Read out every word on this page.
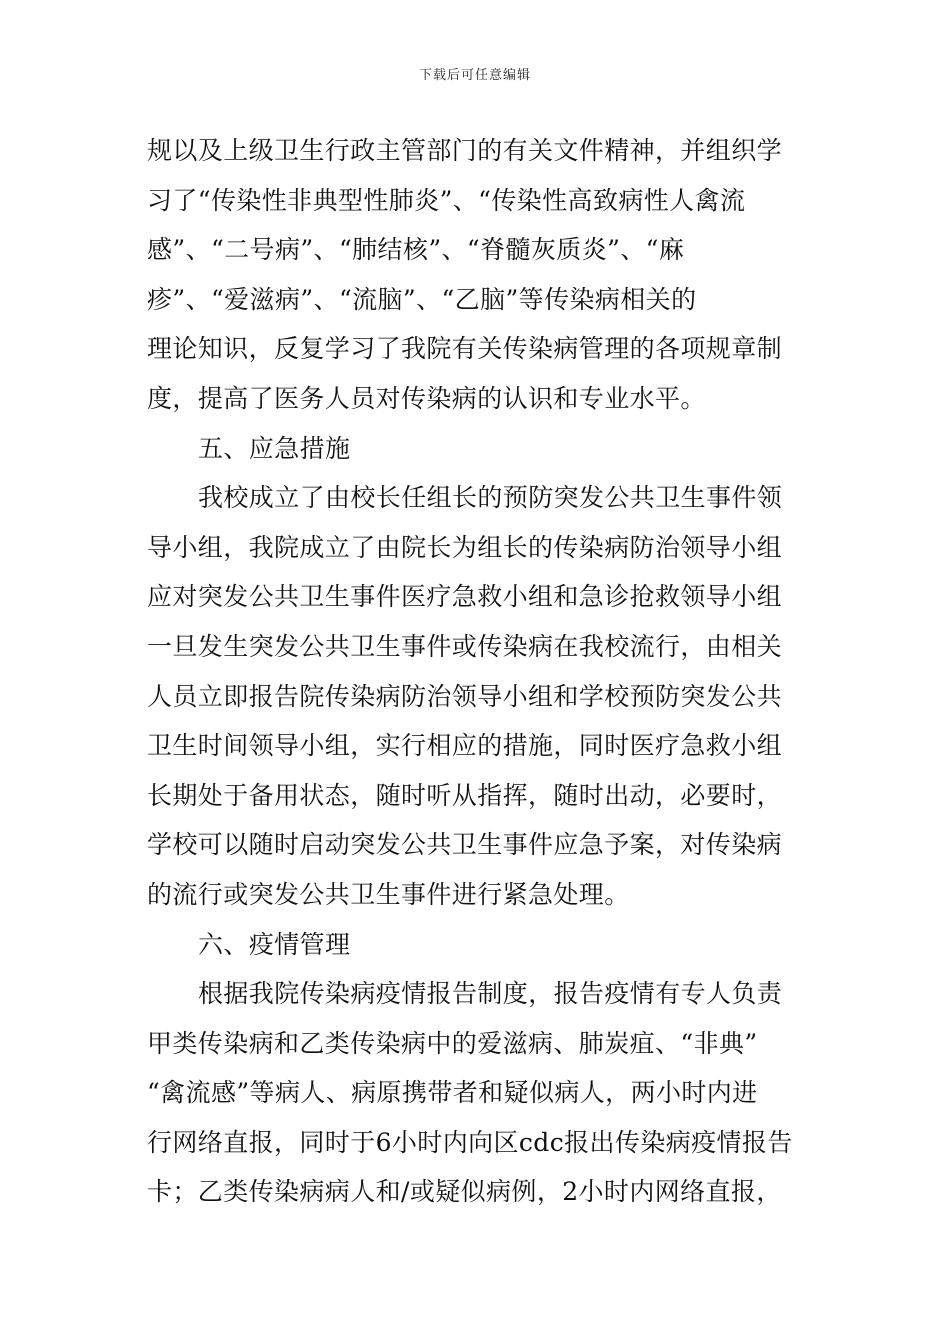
下载后可任意编辑
规以及上级卫生行政主管部门的有关文件精神，并组织学
习了“传染性非典型性肺炎”、“传染性高致病性人禽流
感”、“二号病”、“肺结核”、“脊髓灰质炎”、“麻
疹”、“爱滋病”、“流脑”、“乙脑”等传染病相关的
理论知识，反复学习了我院有关传染病管理的各项规章制
度，提高了医务人员对传染病的认识和专业水平。
五、应急措施
我校成立了由校长任组长的预防突发公共卫生事件领
导小组，我院成立了由院长为组长的传染病防治领导小组
应对突发公共卫生事件医疗急救小组和急诊抢救领导小组
一旦发生突发公共卫生事件或传染病在我校流行，由相关
人员立即报告院传染病防治领导小组和学校预防突发公共
卫生时间领导小组，实行相应的措施，同时医疗急救小组
长期处于备用状态，随时听从指挥，随时出动，必要时，
学校可以随时启动突发公共卫生事件应急予案，对传染病
的流行或突发公共卫生事件进行紧急处理。
六、疫情管理
根据我院传染病疫情报告制度，报告疫情有专人负责
甲类传染病和乙类传染病中的爱滋病、肺炭疽、“非典”
“禽流感”等病人、病原携带者和疑似病人，两小时内进
行网络直报，同时于6小时内向区cdc报出传染病疫情报告
卡；乙类传染病病人和/或疑似病例，2小时内网络直报，
